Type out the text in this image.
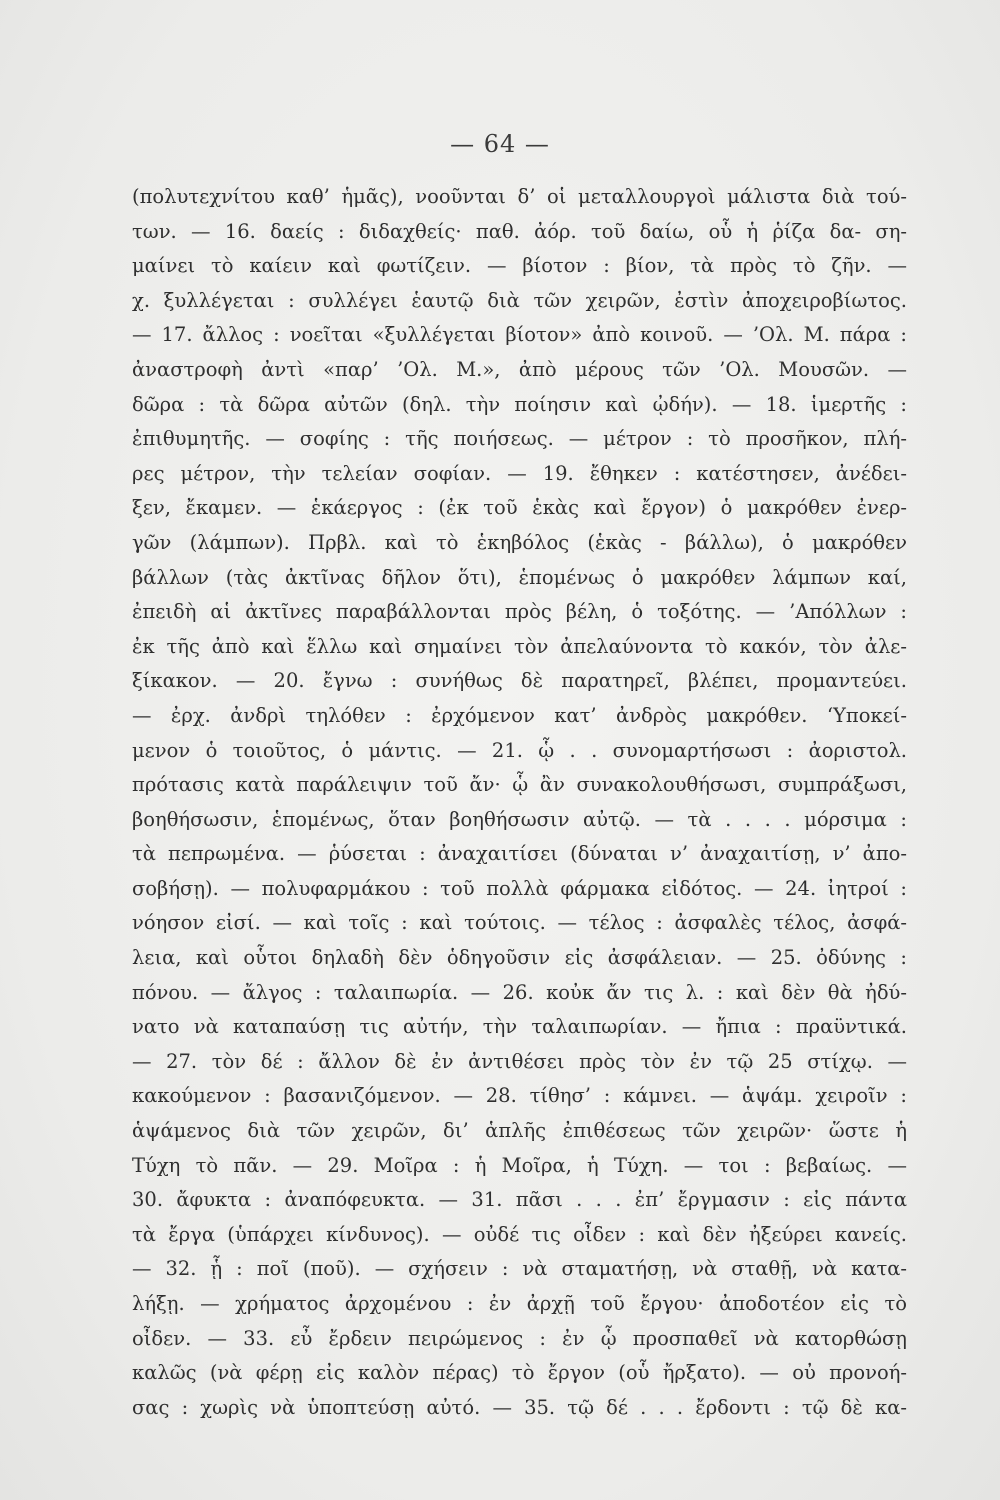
— 64 —
(πολυτεχνίτου καθ’ ἡμᾶς), νοοῦνται δ’ οἱ μεταλλουργοὶ μάλιστα διὰ τού-
των. — 16. δαείς : διδαχθείς· παθ. ἀόρ. τοῦ δαίω, οὗ ἡ ῥίζα δα- ση-
μαίνει τὸ καίειν καὶ φωτίζειν. — βίοτον : βίον, τὰ πρὸς τὸ ζῆν. —
χ. ξυλλέγεται : συλλέγει ἑαυτῷ διὰ τῶν χειρῶν, ἐστὶν ἀποχειροβίωτος.
— 17. ἄλλος : νοεῖται «ξυλλέγεται βίοτον» ἀπὸ κοινοῦ. — ’Ολ. Μ. πάρα :
ἀναστροφὴ ἀντὶ «παρ’ ’Ολ. Μ.», ἀπὸ μέρους τῶν ’Ολ. Μουσῶν. —
δῶρα : τὰ δῶρα αὐτῶν (δηλ. τὴν ποίησιν καὶ ᾠδήν). — 18. ἱμερτῆς :
ἐπιθυμητῆς. — σοφίης : τῆς ποιήσεως. — μέτρον : τὸ προσῆκον, πλή-
ρες μέτρον, τὴν τελείαν σοφίαν. — 19. ἔθηκεν : κατέστησεν, ἀνέδει-
ξεν, ἔκαμεν. — ἑκάεργος : (ἐκ τοῦ ἑκὰς καὶ ἔργον) ὁ μακρόθεν ἐνερ-
γῶν (λάμπων). Πρβλ. καὶ τὸ ἑκηβόλος (ἑκὰς - βάλλω), ὁ μακρόθεν
βάλλων (τὰς ἀκτῖνας δῆλον ὅτι), ἑπομένως ὁ μακρόθεν λάμπων καί,
ἐπειδὴ αἱ ἀκτῖνες παραβάλλονται πρὸς βέλη, ὁ τοξότης. — ’Απόλλων :
ἐκ τῆς ἀπὸ καὶ ἕλλω καὶ σημαίνει τὸν ἀπελαύνοντα τὸ κακόν, τὸν ἀλε-
ξίκακον. — 20. ἔγνω : συνήθως δὲ παρατηρεῖ, βλέπει, προμαντεύει.
— ἐρχ. ἀνδρὶ τηλόθεν : ἐρχόμενον κατ’ ἀνδρὸς μακρόθεν. ‘Υποκεί-
μενον ὁ τοιοῦτος, ὁ μάντις. — 21. ᾧ . . συνομαρτήσωσι : ἀοριστολ.
πρότασις κατὰ παράλειψιν τοῦ ἄν· ᾧ ἂν συνακολουθήσωσι, συμπράξωσι,
βοηθήσωσιν, ἑπομένως, ὅταν βοηθήσωσιν αὐτῷ. — τὰ . . . . μόρσιμα :
τὰ πεπρωμένα. — ῥύσεται : ἀναχαιτίσει (δύναται ν’ ἀναχαιτίσῃ, ν’ ἀπο-
σοβήσῃ). — πολυφαρμάκου : τοῦ πολλὰ φάρμακα εἰδότος. — 24. ἰητροί :
νόησον εἰσί. — καὶ τοῖς : καὶ τούτοις. — τέλος : ἀσφαλὲς τέλος, ἀσφά-
λεια, καὶ οὗτοι δηλαδὴ δὲν ὁδηγοῦσιν εἰς ἀσφάλειαν. — 25. ὀδύνης :
πόνου. — ἄλγος : ταλαιπωρία. — 26. κοὐκ ἄν τις λ. : καὶ δὲν θὰ ἠδύ-
νατο νὰ καταπαύσῃ τις αὐτήν, τὴν ταλαιπωρίαν. — ἤπια : πραϋντικά.
— 27. τὸν δέ : ἄλλον δὲ ἐν ἀντιθέσει πρὸς τὸν ἐν τῷ 25 στίχῳ. —
κακούμενον : βασανιζόμενον. — 28. τίθησ’ : κάμνει. — ἁψάμ. χειροῖν :
ἁψάμενος διὰ τῶν χειρῶν, δι’ ἁπλῆς ἐπιθέσεως τῶν χειρῶν· ὥστε ἡ
Τύχη τὸ πᾶν. — 29. Μοῖρα : ἡ Μοῖρα, ἡ Τύχη. — τοι : βεβαίως. —
30. ἄφυκτα : ἀναπόφευκτα. — 31. πᾶσι . . . ἐπ’ ἔργμασιν : εἰς πάντα
τὰ ἔργα (ὑπάρχει κίνδυνος). — οὐδέ τις οἶδεν : καὶ δὲν ἠξεύρει κανείς.
— 32. ᾗ : ποῖ (ποῦ). — σχήσειν : νὰ σταματήσῃ, νὰ σταθῇ, νὰ κατα-
λήξῃ. — χρήματος ἀρχομένου : ἐν ἀρχῇ τοῦ ἔργου· ἀποδοτέον εἰς τὸ
οἶδεν. — 33. εὖ ἔρδειν πειρώμενος : ἐν ᾧ προσπαθεῖ νὰ κατορθώσῃ
καλῶς (νὰ φέρῃ εἰς καλὸν πέρας) τὸ ἔργον (οὗ ἤρξατο). — οὐ προνοή-
σας : χωρὶς νὰ ὑποπτεύσῃ αὐτό. — 35. τῷ δέ . . . ἔρδοντι : τῷ δὲ κα-
